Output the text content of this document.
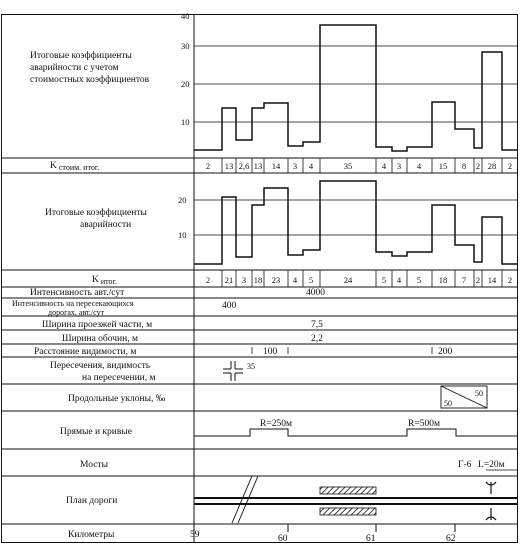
Итоговые коэффициенты
аварийности с учетом
стоимостных коэффициентов
40
30
20
10
K $_{стоим. итог.}$	2 13 2,6 13 14 3 4	35	4 3 4 15 8 2 28 2
Итоговые коэффициенты
аварийности
20
10
K $_{итог.}$	2 21 3 18 23 4 5	24	5 4 5 18 7 2 14 2
Интенсивность авт./сут	4000
Интенсивность на пересекающихся
дорогах, авт./сут
400
Ширина проезжей части, м	7,5
Ширина обочин, м	2,2
Расстояние видимости, м	100	200
Пересечения, видимость
на пересечении, м
35
Продольные уклоны, ‰
50
50
Прямые и кривые
R=250м	R=500м
Мосты	Г-6 L=20м
План дороги
Километры	59	60	61	62
